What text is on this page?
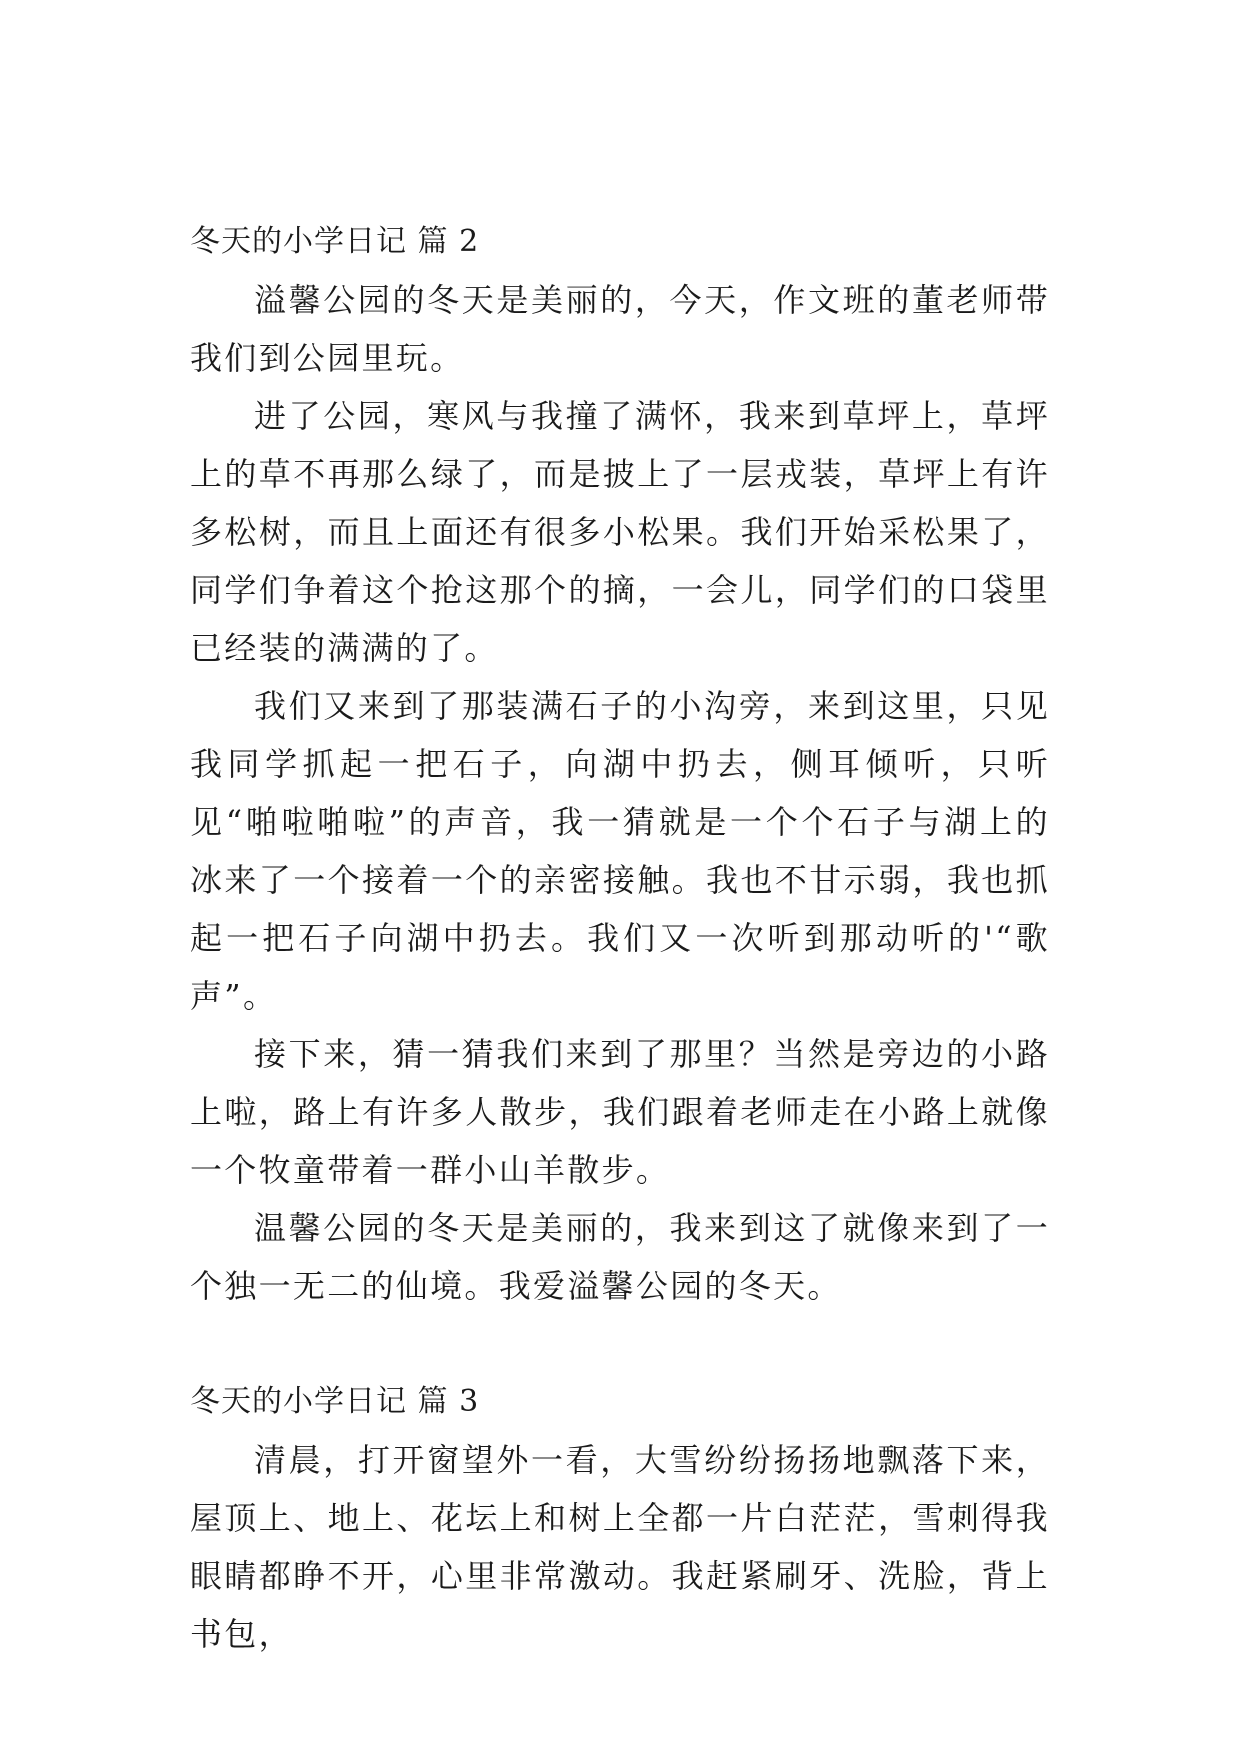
冬天的小学日记 篇 2

溢馨公园的冬天是美丽的，今天，作文班的董老师带我们到公园里玩。

进了公园，寒风与我撞了满怀，我来到草坪上，草坪上的草不再那么绿了，而是披上了一层戎装，草坪上有许多松树，而且上面还有很多小松果。我们开始采松果了，同学们争着这个抢这那个的摘，一会儿，同学们的口袋里已经装的满满的了。

我们又来到了那装满石子的小沟旁，来到这里，只见我同学抓起一把石子，向湖中扔去，侧耳倾听，只听见“啪啦啪啦”的声音，我一猜就是一个个石子与湖上的冰来了一个接着一个的亲密接触。我也不甘示弱，我也抓起一把石子向湖中扔去。我们又一次听到那动听的'“歌声”。

接下来，猜一猜我们来到了那里？当然是旁边的小路上啦，路上有许多人散步，我们跟着老师走在小路上就像一个牧童带着一群小山羊散步。

温馨公园的冬天是美丽的，我来到这了就像来到了一个独一无二的仙境。我爱溢馨公园的冬天。

冬天的小学日记 篇 3

清晨，打开窗望外一看，大雪纷纷扬扬地飘落下来，屋顶上、地上、花坛上和树上全都一片白茫茫，雪刺得我眼睛都睁不开，心里非常激动。我赶紧刷牙、洗脸，背上书包，
